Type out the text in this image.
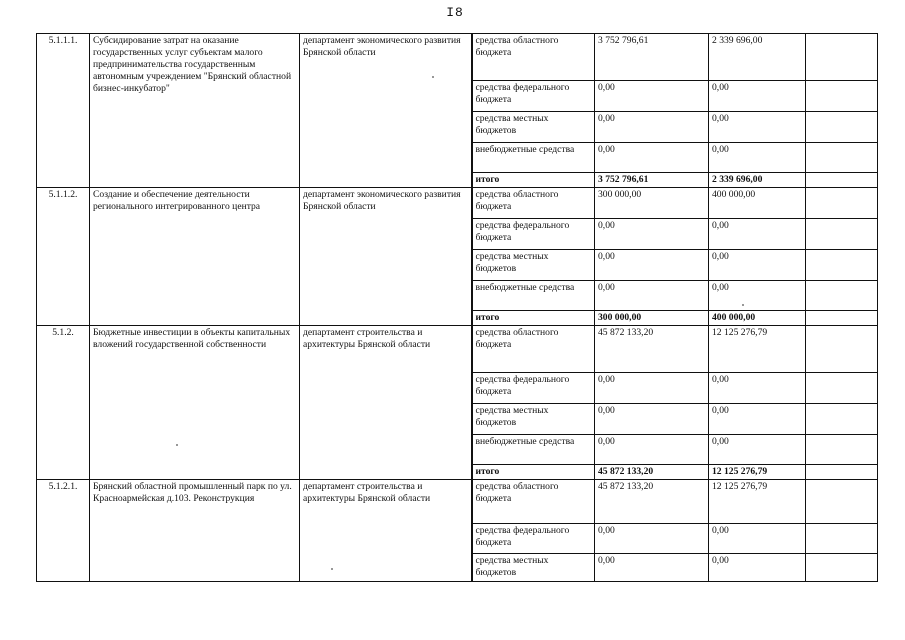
I8
5.1.1.1.	Субсидирование затрат на оказание государственных услуг субъектам малого предпринимательства государственным автономным учреждением "Брянский областной бизнес-инкубатор"	департамент экономического развития Брянской области	средства областного бюджета	3 752 796,61	2 339 696,00	
			средства федерального бюджета	0,00	0,00	
			средства местных бюджетов	0,00	0,00	
			внебюджетные средства	0,00	0,00	
			итого	3 752 796,61	2 339 696,00	
5.1.1.2.	Создание и обеспечение деятельности регионального интегрированного центра	департамент экономического развития Брянской области	средства областного бюджета	300 000,00	400 000,00	
			средства федерального бюджета	0,00	0,00	
			средства местных бюджетов	0,00	0,00	
			внебюджетные средства	0,00	0,00	
			итого	300 000,00	400 000,00	
5.1.2.	Бюджетные инвестиции в объекты капитальных вложений государственной собственности	департамент строительства и архитектуры Брянской области	средства областного бюджета	45 872 133,20	12 125 276,79	
			средства федерального бюджета	0,00	0,00	
			средства местных бюджетов	0,00	0,00	
			внебюджетные средства	0,00	0,00	
			итого	45 872 133,20	12 125 276,79	
5.1.2.1.	Брянский областной промышленный парк по ул. Красноармейская д.103. Реконструкция	департамент строительства и архитектуры Брянской области	средства областного бюджета	45 872 133,20	12 125 276,79	
			средства федерального бюджета	0,00	0,00	
			средства местных бюджетов	0,00	0,00	
